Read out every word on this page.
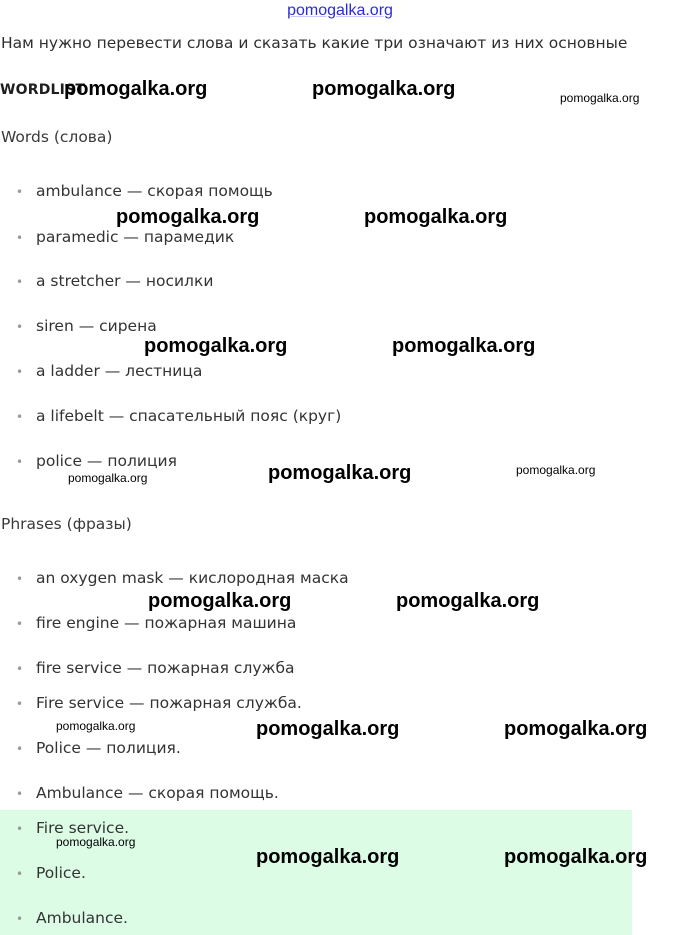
pomogalka.org
Нам нужно перевести слова и сказать какие три означают из них основные
WORDLIST
Words (слова)
• ambulance — скорая помощь
• paramedic — парамедик
• a stretcher — носилки
• siren — сирена
• a ladder — лестница
• a lifebelt — спасательный пояс (круг)
• police — полиция
Phrases (фразы)
• an oxygen mask — кислородная маска
• fire engine — пожарная машина
• fire service — пожарная служба
• Fire service — пожарная служба.
• Police — полиция.
• Ambulance — скорая помощь.
• Fire service.
• Police.
• Ambulance.
pomogalka.org	pomogalka.org	pomogalka.org
pomogalka.org	pomogalka.org
pomogalka.org	pomogalka.org
pomogalka.org	pomogalka.org	pomogalka.org
pomogalka.org	pomogalka.org
pomogalka.org	pomogalka.org	pomogalka.org
pomogalka.org
pomogalka.org	pomogalka.org
